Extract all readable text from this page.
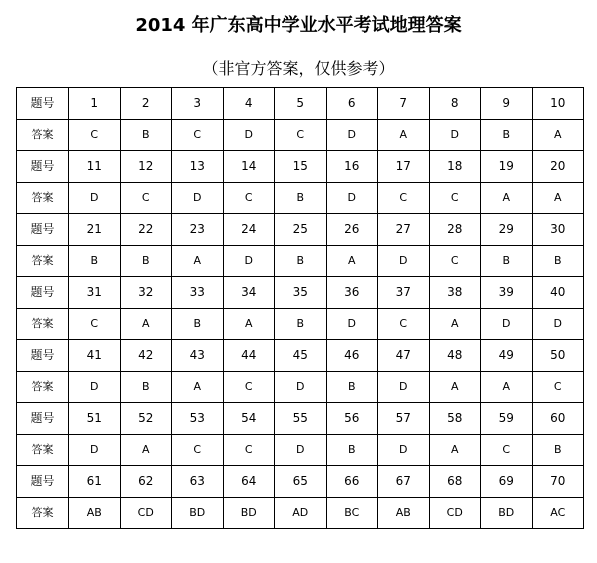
2014 年广东高中学业水平考试地理答案
（非官方答案，仅供参考）
题号	1	2	3	4	5	6	7	8	9	10
答案	C	B	C	D	C	D	A	D	B	A
题号	11	12	13	14	15	16	17	18	19	20
答案	D	C	D	C	B	D	C	C	A	A
题号	21	22	23	24	25	26	27	28	29	30
答案	B	B	A	D	B	A	D	C	B	B
题号	31	32	33	34	35	36	37	38	39	40
答案	C	A	B	A	B	D	C	A	D	D
题号	41	42	43	44	45	46	47	48	49	50
答案	D	B	A	C	D	B	D	A	A	C
题号	51	52	53	54	55	56	57	58	59	60
答案	D	A	C	C	D	B	D	A	C	B
题号	61	62	63	64	65	66	67	68	69	70
答案	AB	CD	BD	BD	AD	BC	AB	CD	BD	AC
